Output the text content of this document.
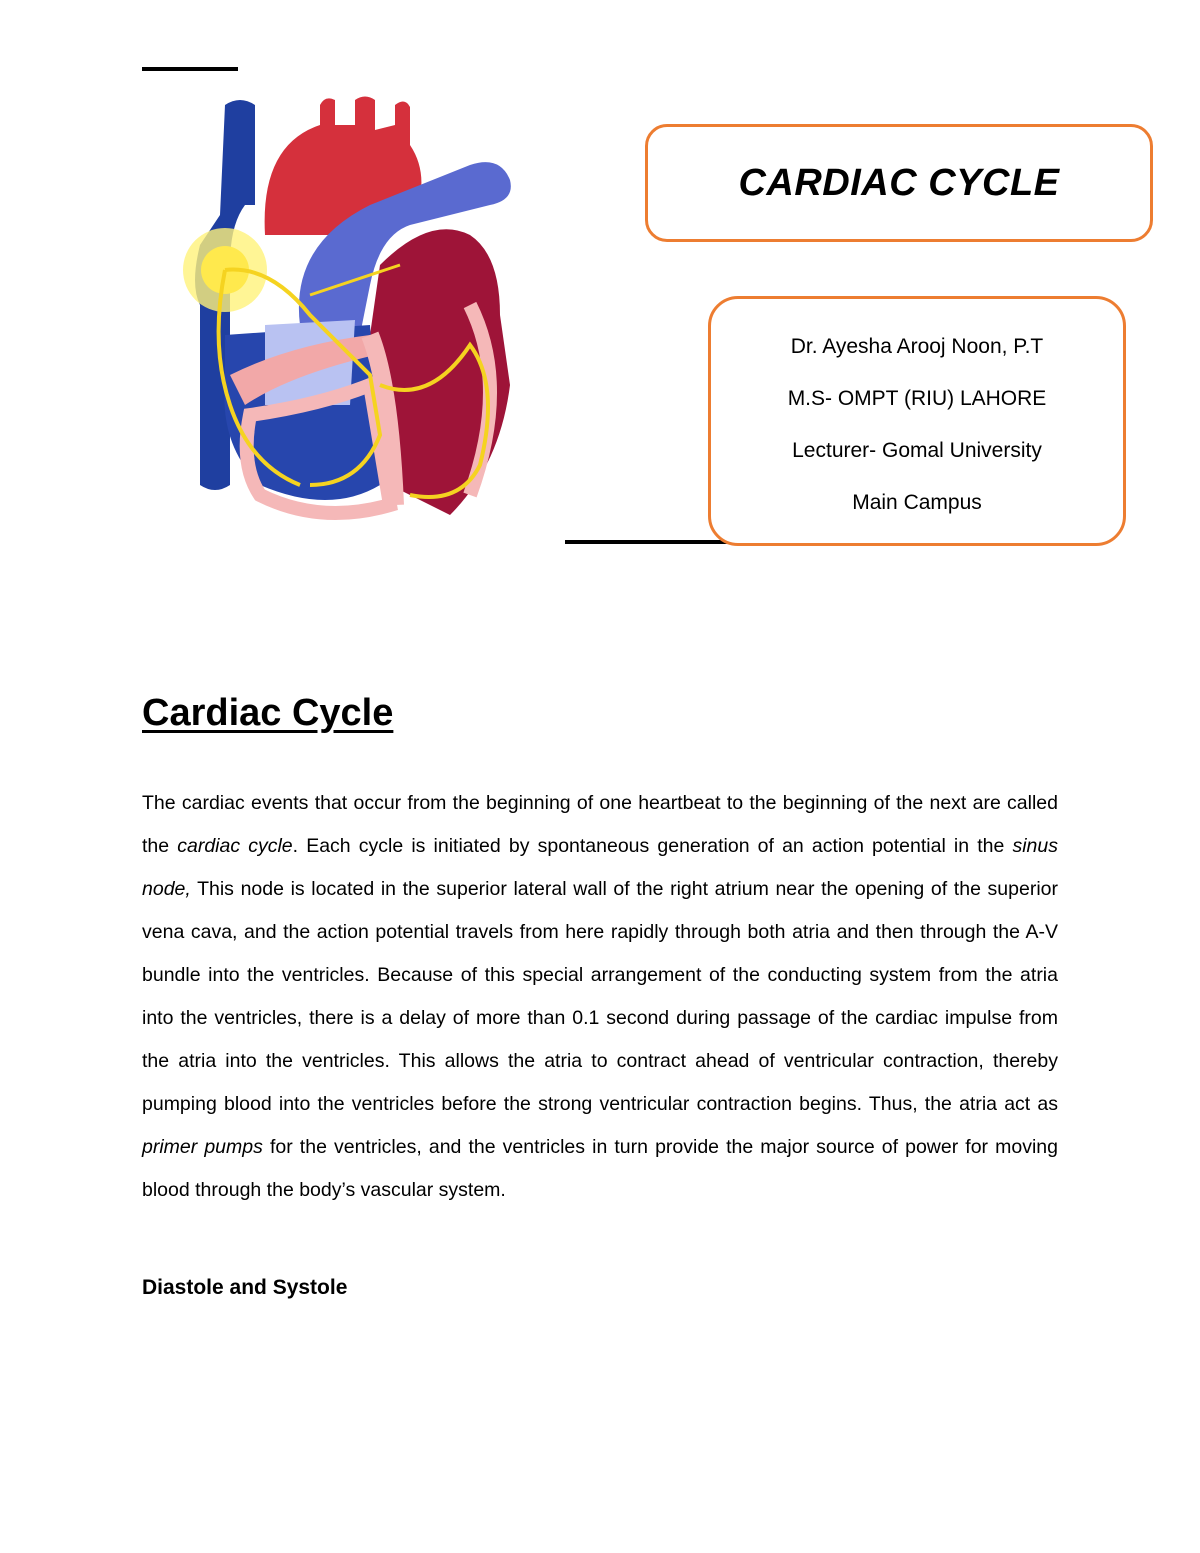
CARDIAC CYCLE
Dr. Ayesha Arooj Noon, P.T
M.S- OMPT (RIU) LAHORE
Lecturer- Gomal University
Main Campus
Cardiac Cycle

The cardiac events that occur from the beginning of one heartbeat to the beginning of the next are called the cardiac cycle. Each cycle is initiated by spontaneous generation of an action potential in the sinus node, This node is located in the superior lateral wall of the right atrium near the opening of the superior vena cava, and the action potential travels from here rapidly through both atria and then through the A-V bundle into the ventricles. Because of this special arrangement of the conducting system from the atria into the ventricles, there is a delay of more than 0.1 second during passage of the cardiac impulse from the atria into the ventricles. This allows the atria to contract ahead of ventricular contraction, thereby pumping blood into the ventricles before the strong ventricular contraction begins. Thus, the atria act as primer pumps for the ventricles, and the ventricles in turn provide the major source of power for moving blood through the body’s vascular system.

Diastole and Systole
